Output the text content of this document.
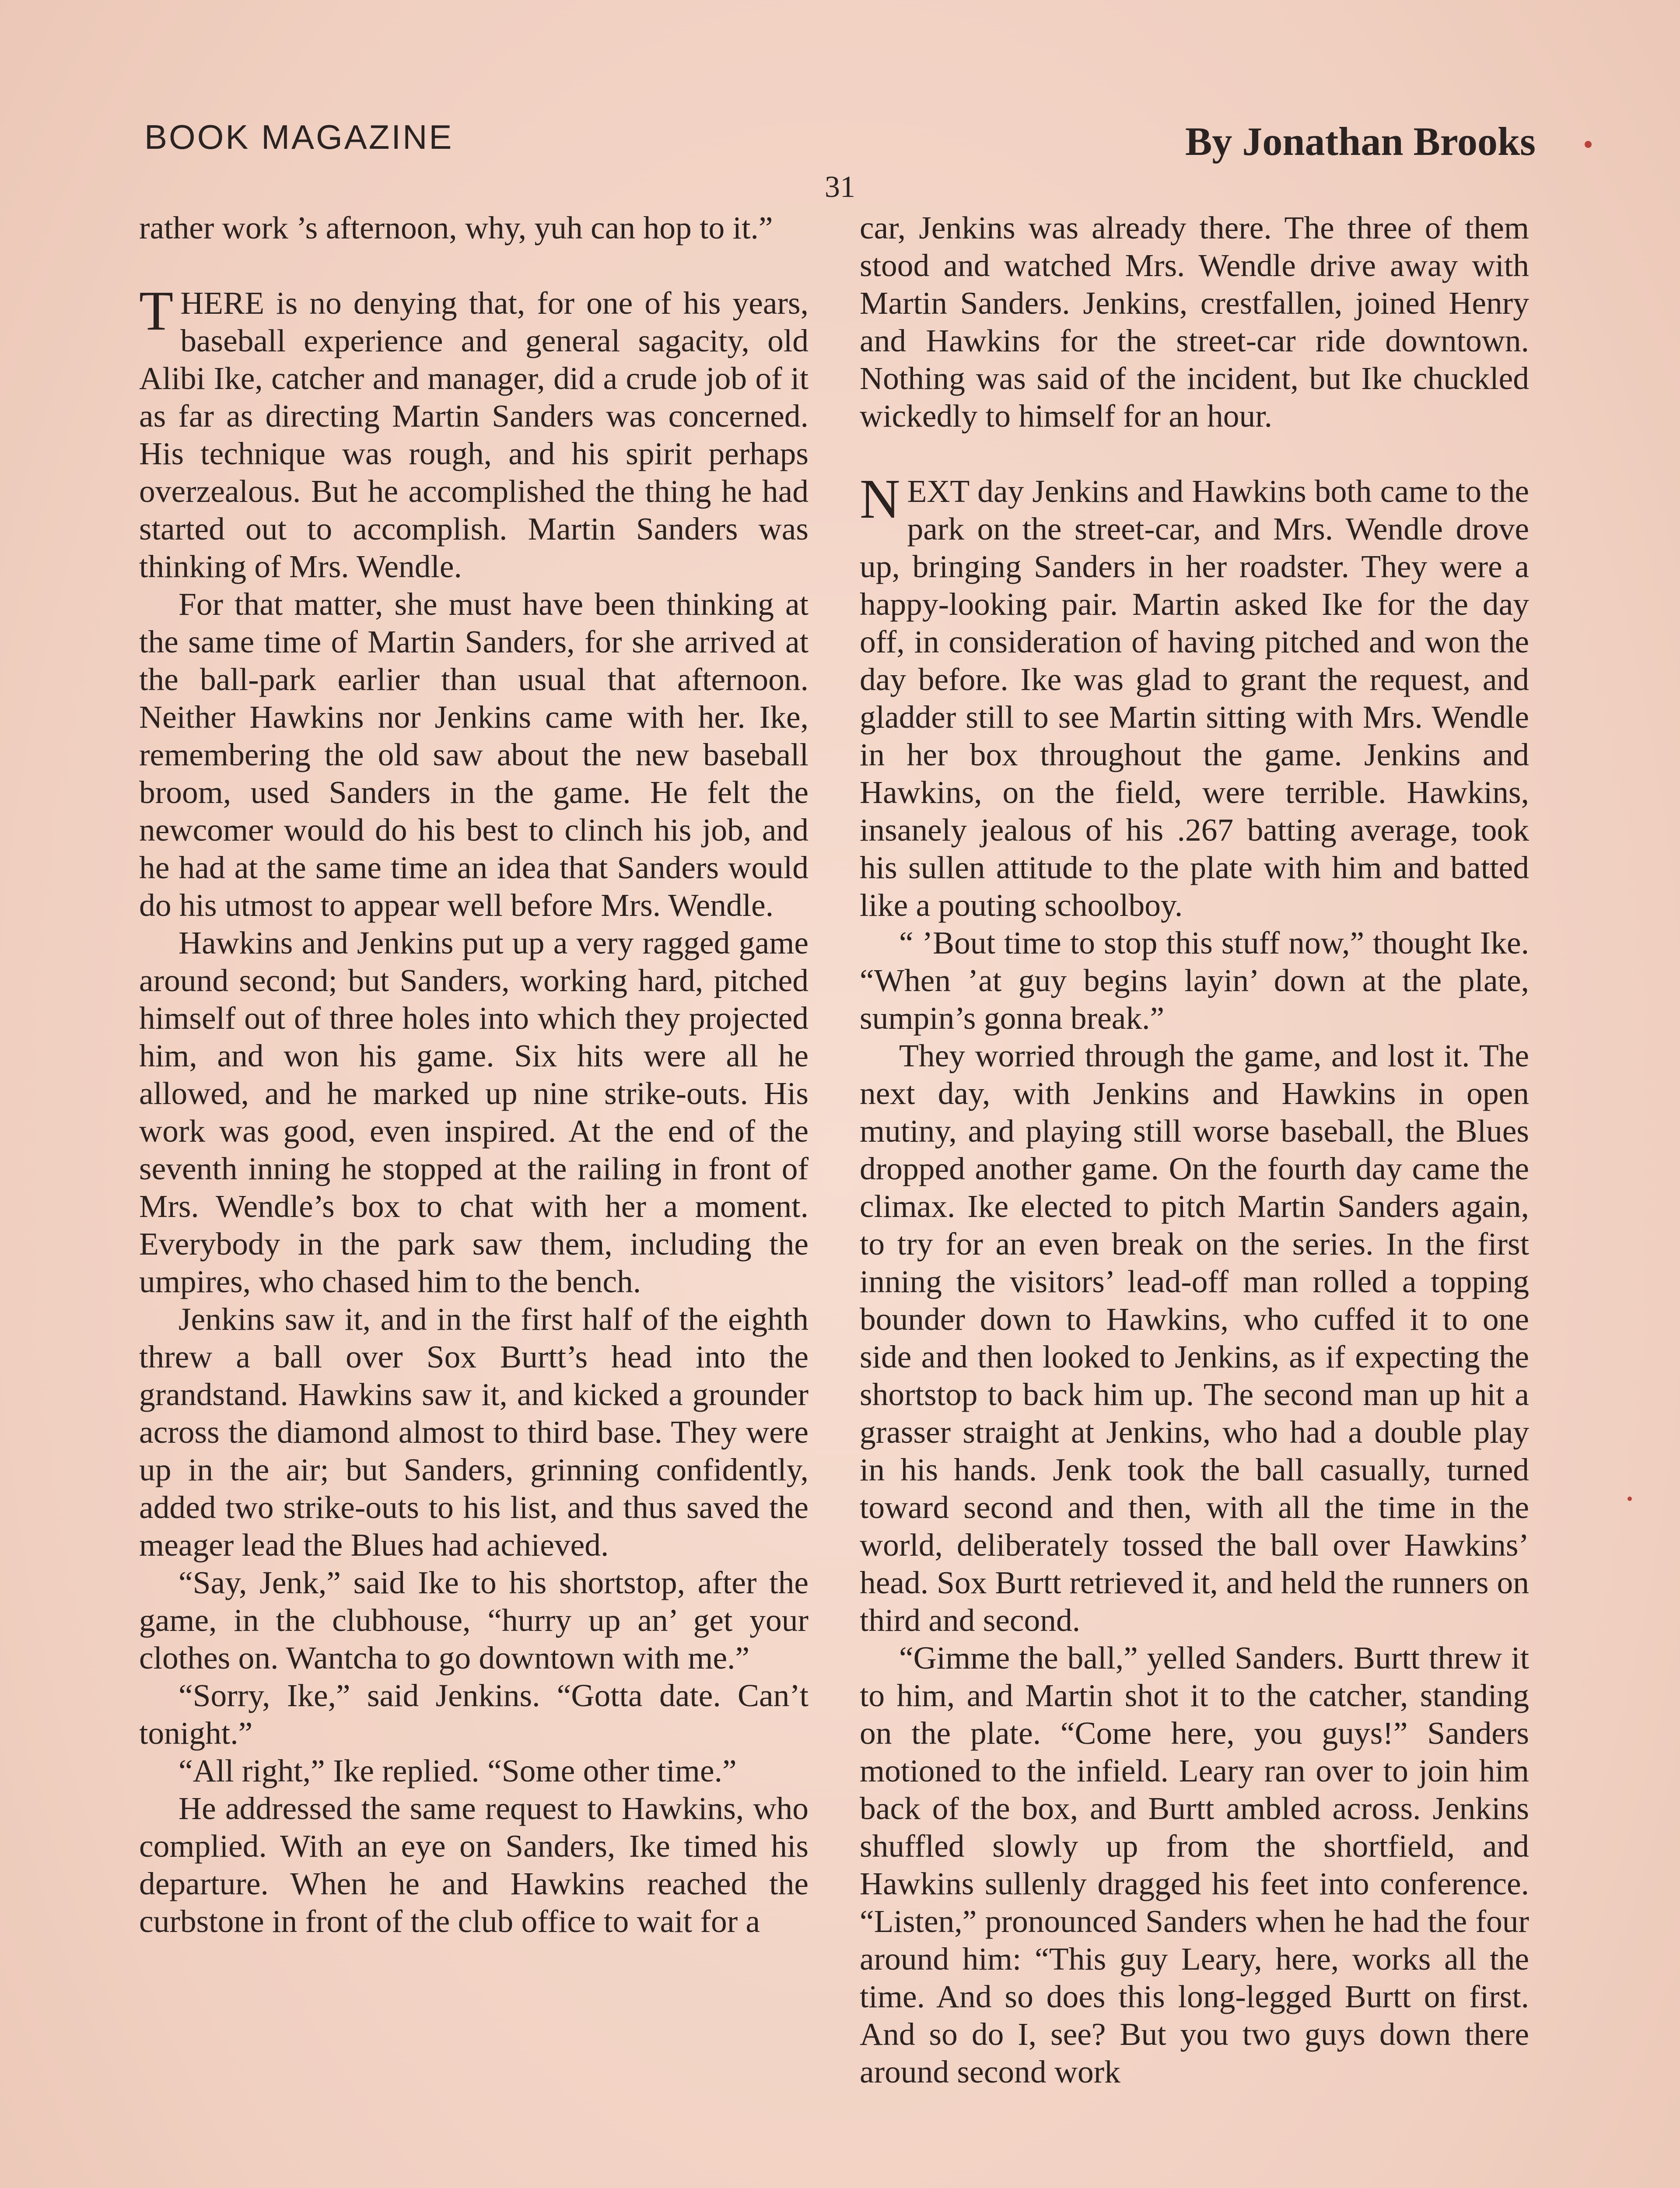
BOOK MAGAZINE	By Jonathan Brooks
31

rather work ’s afternoon, why, yuh can hop to it.”

THERE is no denying that, for one of his years, baseball experience and general sagacity, old Alibi Ike, catcher and manager, did a crude job of it as far as directing Martin Sanders was concerned. His technique was rough, and his spirit perhaps overzealous. But he accomplished the thing he had started out to accomplish. Martin Sanders was thinking of Mrs. Wendle.

For that matter, she must have been thinking at the same time of Martin Sanders, for she arrived at the ball-park earlier than usual that afternoon. Neither Hawkins nor Jenkins came with her. Ike, remembering the old saw about the new baseball broom, used Sanders in the game. He felt the newcomer would do his best to clinch his job, and he had at the same time an idea that Sanders would do his utmost to appear well before Mrs. Wendle.

Hawkins and Jenkins put up a very ragged game around second; but Sanders, working hard, pitched himself out of three holes into which they projected him, and won his game. Six hits were all he allowed, and he marked up nine strike-outs. His work was good, even inspired. At the end of the seventh inning he stopped at the railing in front of Mrs. Wendle’s box to chat with her a moment. Everybody in the park saw them, including the umpires, who chased him to the bench.

Jenkins saw it, and in the first half of the eighth threw a ball over Sox Burtt’s head into the grandstand. Hawkins saw it, and kicked a grounder across the diamond almost to third base. They were up in the air; but Sanders, grinning confidently, added two strike-outs to his list, and thus saved the meager lead the Blues had achieved.

“Say, Jenk,” said Ike to his shortstop, after the game, in the clubhouse, “hurry up an’ get your clothes on. Wantcha to go downtown with me.”

“Sorry, Ike,” said Jenkins. “Gotta date. Can’t tonight.”

“All right,” Ike replied. “Some other time.”

He addressed the same request to Hawkins, who complied. With an eye on Sanders, Ike timed his departure. When he and Hawkins reached the curbstone in front of the club office to wait for a

car, Jenkins was already there. The three of them stood and watched Mrs. Wendle drive away with Martin Sanders. Jenkins, crestfallen, joined Henry and Hawkins for the street-car ride downtown. Nothing was said of the incident, but Ike chuckled wickedly to himself for an hour.

NEXT day Jenkins and Hawkins both came to the park on the street-car, and Mrs. Wendle drove up, bringing Sanders in her roadster. They were a happy-looking pair. Martin asked Ike for the day off, in consideration of having pitched and won the day before. Ike was glad to grant the request, and gladder still to see Martin sitting with Mrs. Wendle in her box throughout the game. Jenkins and Hawkins, on the field, were terrible. Hawkins, insanely jealous of his .267 batting average, took his sullen attitude to the plate with him and batted like a pouting schoolboy.

“ ’Bout time to stop this stuff now,” thought Ike. “When ’at guy begins layin’ down at the plate, sumpin’s gonna break.”

They worried through the game, and lost it. The next day, with Jenkins and Hawkins in open mutiny, and playing still worse baseball, the Blues dropped another game. On the fourth day came the climax. Ike elected to pitch Martin Sanders again, to try for an even break on the series. In the first inning the visitors’ lead-off man rolled a topping bounder down to Hawkins, who cuffed it to one side and then looked to Jenkins, as if expecting the shortstop to back him up. The second man up hit a grasser straight at Jenkins, who had a double play in his hands. Jenk took the ball casually, turned toward second and then, with all the time in the world, deliberately tossed the ball over Hawkins’ head. Sox Burtt retrieved it, and held the runners on third and second.

“Gimme the ball,” yelled Sanders. Burtt threw it to him, and Martin shot it to the catcher, standing on the plate. “Come here, you guys!” Sanders motioned to the infield. Leary ran over to join him back of the box, and Burtt ambled across. Jenkins shuffled slowly up from the shortfield, and Hawkins sullenly dragged his feet into conference. “Listen,” pronounced Sanders when he had the four around him: “This guy Leary, here, works all the time. And so does this long-legged Burtt on first. And so do I, see? But you two guys down there around second work
